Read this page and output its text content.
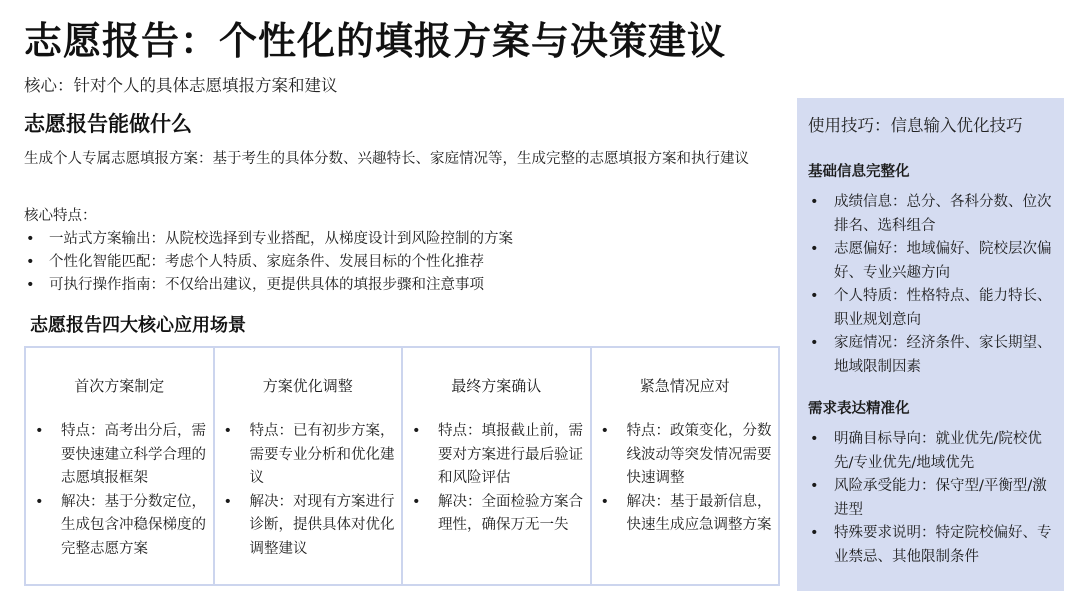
志愿报告：个性化的填报方案与决策建议
核心：针对个人的具体志愿填报方案和建议
志愿报告能做什么
生成个人专属志愿填报方案：基于考生的具体分数、兴趣特长、家庭情况等，生成完整的志愿填报方案和执行建议
核心特点：
• 一站式方案输出：从院校选择到专业搭配，从梯度设计到风险控制的方案
• 个性化智能匹配：考虑个人特质、家庭条件、发展目标的个性化推荐
• 可执行操作指南：不仅给出建议，更提供具体的填报步骤和注意事项
志愿报告四大核心应用场景
首次方案制定
• 特点：高考出分后，需要快速建立科学合理的志愿填报框架
• 解决：基于分数定位，生成包含冲稳保梯度的完整志愿方案
方案优化调整
• 特点：已有初步方案，需要专业分析和优化建议
• 解决：对现有方案进行诊断，提供具体对优化调整建议
最终方案确认
• 特点：填报截止前，需要对方案进行最后验证和风险评估
• 解决：全面检验方案合理性，确保万无一失
紧急情况应对
• 特点：政策变化，分数线波动等突发情况需要快速调整
• 解决：基于最新信息，快速生成应急调整方案
使用技巧：信息输入优化技巧
基础信息完整化
• 成绩信息：总分、各科分数、位次排名、选科组合
• 志愿偏好：地域偏好、院校层次偏好、专业兴趣方向
• 个人特质：性格特点、能力特长、职业规划意向
• 家庭情况：经济条件、家长期望、地域限制因素
需求表达精准化
• 明确目标导向：就业优先/院校优先/专业优先/地域优先
• 风险承受能力：保守型/平衡型/激进型
• 特殊要求说明：特定院校偏好、专业禁忌、其他限制条件
